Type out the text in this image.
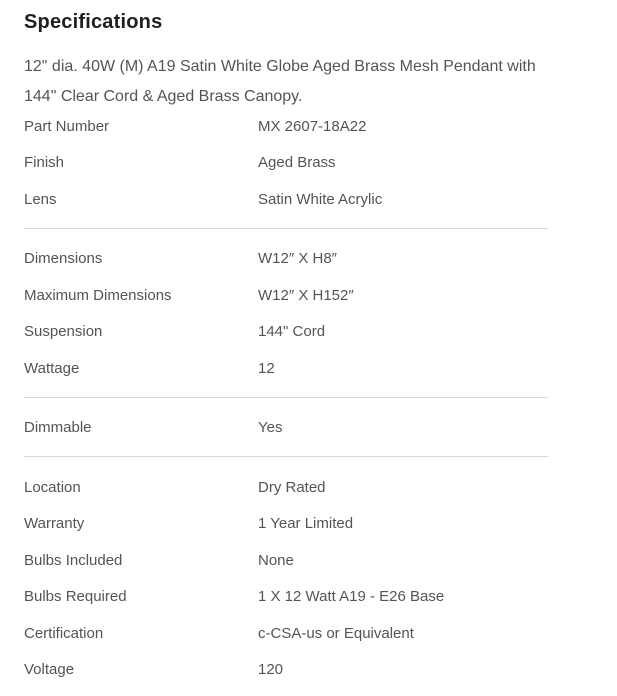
Specifications

12" dia. 40W (M) A19 Satin White Globe Aged Brass Mesh Pendant with 144" Clear Cord & Aged Brass Canopy.

Part Number	MX 2607-18A22
Finish	Aged Brass
Lens	Satin White Acrylic
Dimensions	W12″ X H8″
Maximum Dimensions	W12″ X H152″
Suspension	144" Cord
Wattage	12
Dimmable	Yes
Location	Dry Rated
Warranty	1 Year Limited
Bulbs Included	None
Bulbs Required	1 X 12 Watt A19 - E26 Base
Certification	c-CSA-us or Equivalent
Voltage	120
